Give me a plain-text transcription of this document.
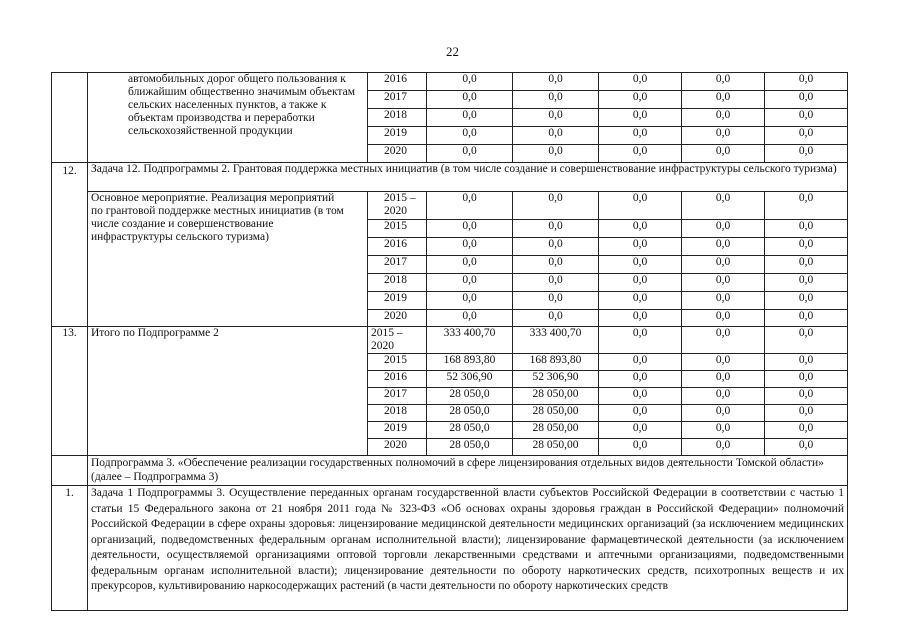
22
	автомобильных дорог общего пользования к ближайшим общественно значимым объектам сельских населенных пунктов, а также к объектам производства и переработки сельскохозяйственной продукции	2016	0,0	0,0	0,0	0,0	0,0
		2017	0,0	0,0	0,0	0,0	0,0
		2018	0,0	0,0	0,0	0,0	0,0
		2019	0,0	0,0	0,0	0,0	0,0
		2020	0,0	0,0	0,0	0,0	0,0
12.	Задача 12. Подпрограммы 2. Грантовая поддержка местных инициатив (в том числе создание и совершенствование инфраструктуры сельского туризма)						
	Основное мероприятие. Реализация мероприятий по грантовой поддержке местных инициатив (в том числе создание и совершенствование инфраструктуры сельского туризма)	2015 – 2020	0,0	0,0	0,0	0,0	0,0
		2015	0,0	0,0	0,0	0,0	0,0
		2016	0,0	0,0	0,0	0,0	0,0
		2017	0,0	0,0	0,0	0,0	0,0
		2018	0,0	0,0	0,0	0,0	0,0
		2019	0,0	0,0	0,0	0,0	0,0
		2020	0,0	0,0	0,0	0,0	0,0
13.	Итого по Подпрограмме 2	2015 – 2020	333 400,70	333 400,70	0,0	0,0	0,0
		2015	168 893,80	168 893,80	0,0	0,0	0,0
		2016	52 306,90	52 306,90	0,0	0,0	0,0
		2017	28 050,0	28 050,00	0,0	0,0	0,0
		2018	28 050,0	28 050,00	0,0	0,0	0,0
		2019	28 050,0	28 050,00	0,0	0,0	0,0
		2020	28 050,0	28 050,00	0,0	0,0	0,0
	Подпрограмма 3. «Обеспечение реализации государственных полномочий в сфере лицензирования отдельных видов деятельности Томской области» (далее – Подпрограмма 3)						
1.	Задача 1 Подпрограммы 3. Осуществление переданных органам государственной власти субъектов Российской Федерации в соответствии с частью 1 статьи 15 Федерального закона от 21 ноября 2011 года № 323-ФЗ «Об основах охраны здоровья граждан в Российской Федерации» полномочий Российской Федерации в сфере охраны здоровья: лицензирование медицинской деятельности медицинских организаций (за исключением медицинских организаций, подведомственных федеральным органам исполнительной власти); лицензирование фармацевтической деятельности (за исключением деятельности, осуществляемой организациями оптовой торговли лекарственными средствами и аптечными организациями, подведомственными федеральным органам исполнительной власти); лицензирование деятельности по обороту наркотических средств, психотропных веществ и их прекурсоров, культивированию наркосодержащих растений (в части деятельности по обороту наркотических средств						
